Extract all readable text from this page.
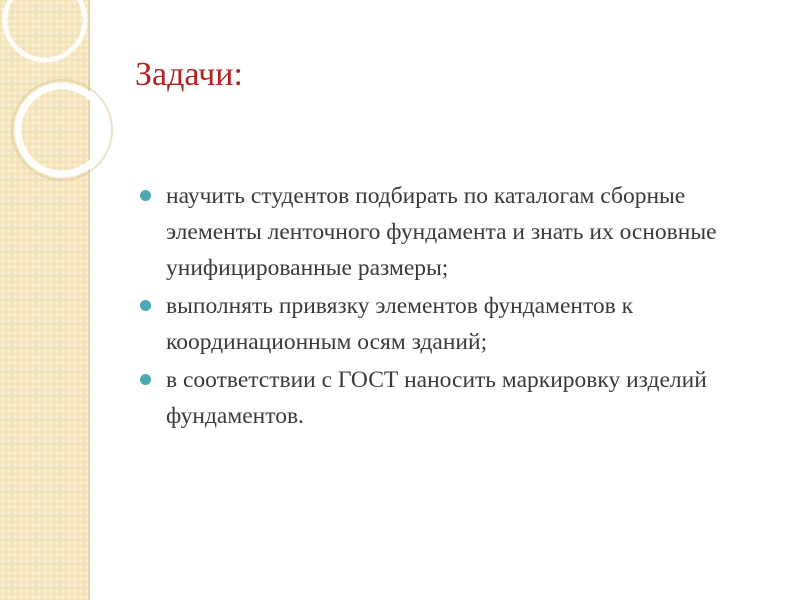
Задачи:
научить студентов подбирать по каталогам сборные элементы ленточного фундамента и знать их основные унифицированные размеры;
выполнять привязку элементов фундаментов к координационным осям зданий;
в соответствии с ГОСТ наносить маркировку изделий фундаментов.
